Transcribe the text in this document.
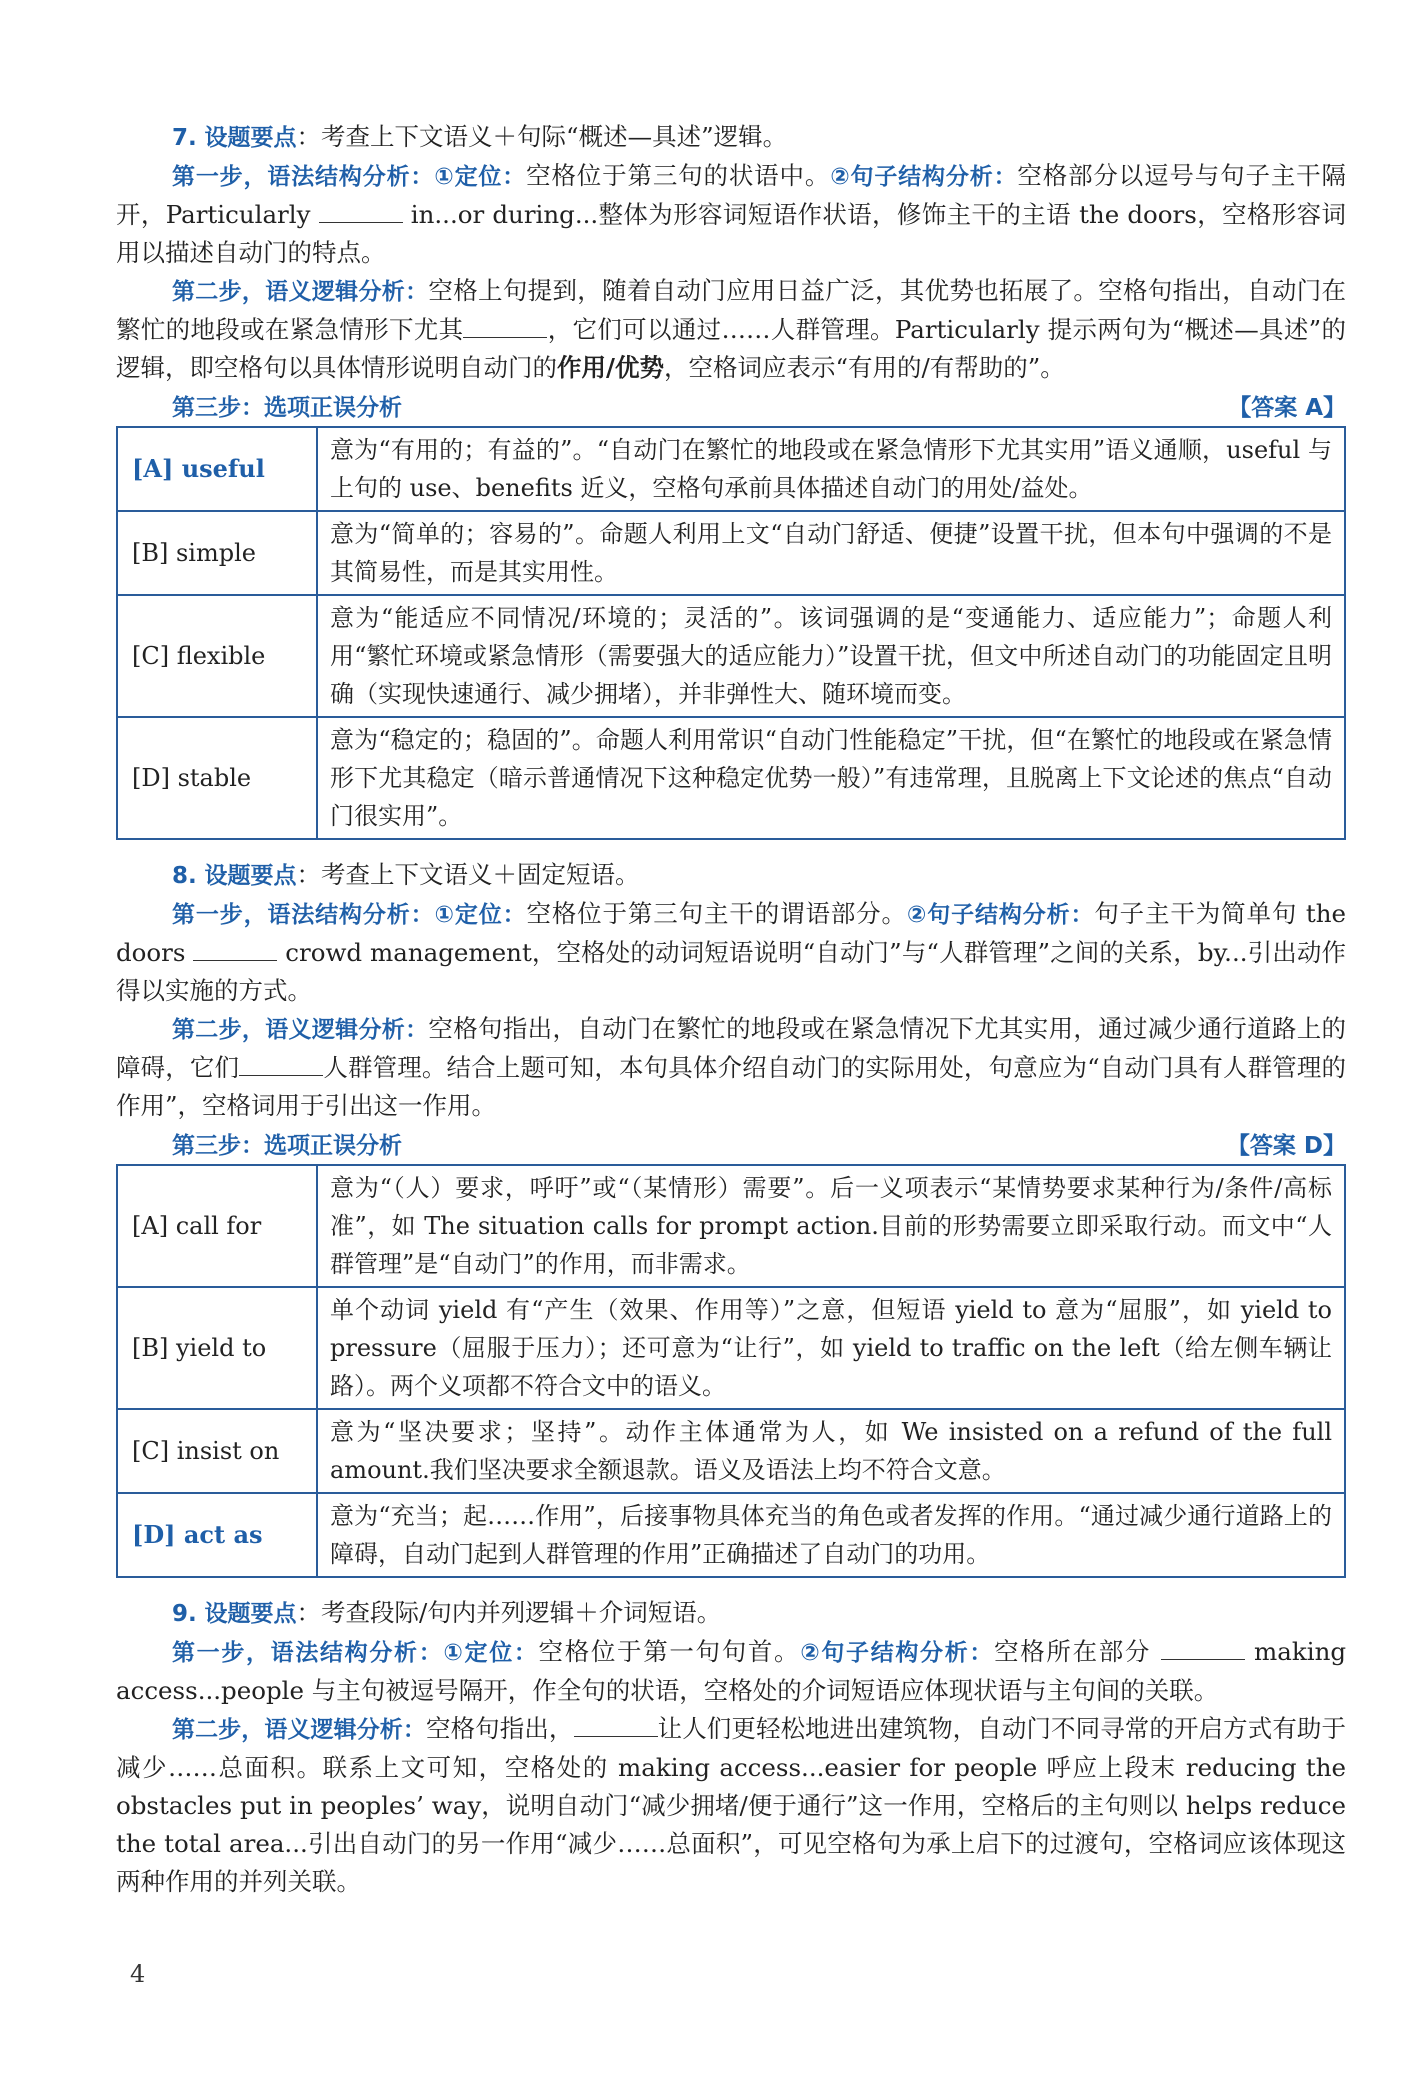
7. 设题要点：考查上下文语义＋句际“概述—具述”逻辑。

第一步，语法结构分析：①定位：空格位于第三句的状语中。②句子结构分析：空格部分以逗号与句子主干隔开，Particularly	in...or during...整体为形容词短语作状语，修饰主干的主语 the doors，空格形容词用以描述自动门的特点。

第二步，语义逻辑分析：空格上句提到，随着自动门应用日益广泛，其优势也拓展了。空格句指出，自动门在繁忙的地段或在紧急情形下尤其	，它们可以通过……人群管理。Particularly 提示两句为“概述—具述”的逻辑，即空格句以具体情形说明自动门的作用/优势，空格词应表示“有用的/有帮助的”。

第三步：选项正误分析	【答案 A】
[A] useful	意为“有用的；有益的”。“自动门在繁忙的地段或在紧急情形下尤其实用”语义通顺，useful 与上句的 use、benefits 近义，空格句承前具体描述自动门的用处/益处。
[B] simple	意为“简单的；容易的”。命题人利用上文“自动门舒适、便捷”设置干扰，但本句中强调的不是其简易性，而是其实用性。
[C] flexible	意为“能适应不同情况/环境的；灵活的”。该词强调的是“变通能力、适应能力”；命题人利用“繁忙环境或紧急情形（需要强大的适应能力）”设置干扰，但文中所述自动门的功能固定且明确（实现快速通行、减少拥堵），并非弹性大、随环境而变。
[D] stable	意为“稳定的；稳固的”。命题人利用常识“自动门性能稳定”干扰，但“在繁忙的地段或在紧急情形下尤其稳定（暗示普通情况下这种稳定优势一般）”有违常理，且脱离上下文论述的焦点“自动门很实用”。

8. 设题要点：考查上下文语义＋固定短语。

第一步，语法结构分析：①定位：空格位于第三句主干的谓语部分。②句子结构分析：句子主干为简单句 the doors	crowd management，空格处的动词短语说明“自动门”与“人群管理”之间的关系，by...引出动作得以实施的方式。

第二步，语义逻辑分析：空格句指出，自动门在繁忙的地段或在紧急情况下尤其实用，通过减少通行道路上的障碍，它们	人群管理。结合上题可知，本句具体介绍自动门的实际用处，句意应为“自动门具有人群管理的作用”，空格词用于引出这一作用。

第三步：选项正误分析	【答案 D】
[A] call for	意为“（人）要求，呼吁”或“（某情形）需要”。后一义项表示“某情势要求某种行为/条件/高标准”，如 The situation calls for prompt action.目前的形势需要立即采取行动。而文中“人群管理”是“自动门”的作用，而非需求。
[B] yield to	单个动词 yield 有“产生（效果、作用等）”之意，但短语 yield to 意为“屈服”，如 yield to pressure（屈服于压力）；还可意为“让行”，如 yield to traffic on the left（给左侧车辆让路）。两个义项都不符合文中的语义。
[C] insist on	意为“坚决要求；坚持”。动作主体通常为人，如 We insisted on a refund of the full amount.我们坚决要求全额退款。语义及语法上均不符合文意。
[D] act as	意为“充当；起……作用”，后接事物具体充当的角色或者发挥的作用。“通过减少通行道路上的障碍，自动门起到人群管理的作用”正确描述了自动门的功用。

9. 设题要点：考查段际/句内并列逻辑＋介词短语。

第一步，语法结构分析：①定位：空格位于第一句句首。②句子结构分析：空格所在部分	making access...people 与主句被逗号隔开，作全句的状语，空格处的介词短语应体现状语与主句间的关联。

第二步，语义逻辑分析：空格句指出，	让人们更轻松地进出建筑物，自动门不同寻常的开启方式有助于减少……总面积。联系上文可知，空格处的 making access...easier for people 呼应上段末 reducing the obstacles put in peoples’ way，说明自动门“减少拥堵/便于通行”这一作用，空格后的主句则以 helps reduce the total area...引出自动门的另一作用“减少……总面积”，可见空格句为承上启下的过渡句，空格词应该体现这两种作用的并列关联。

4
